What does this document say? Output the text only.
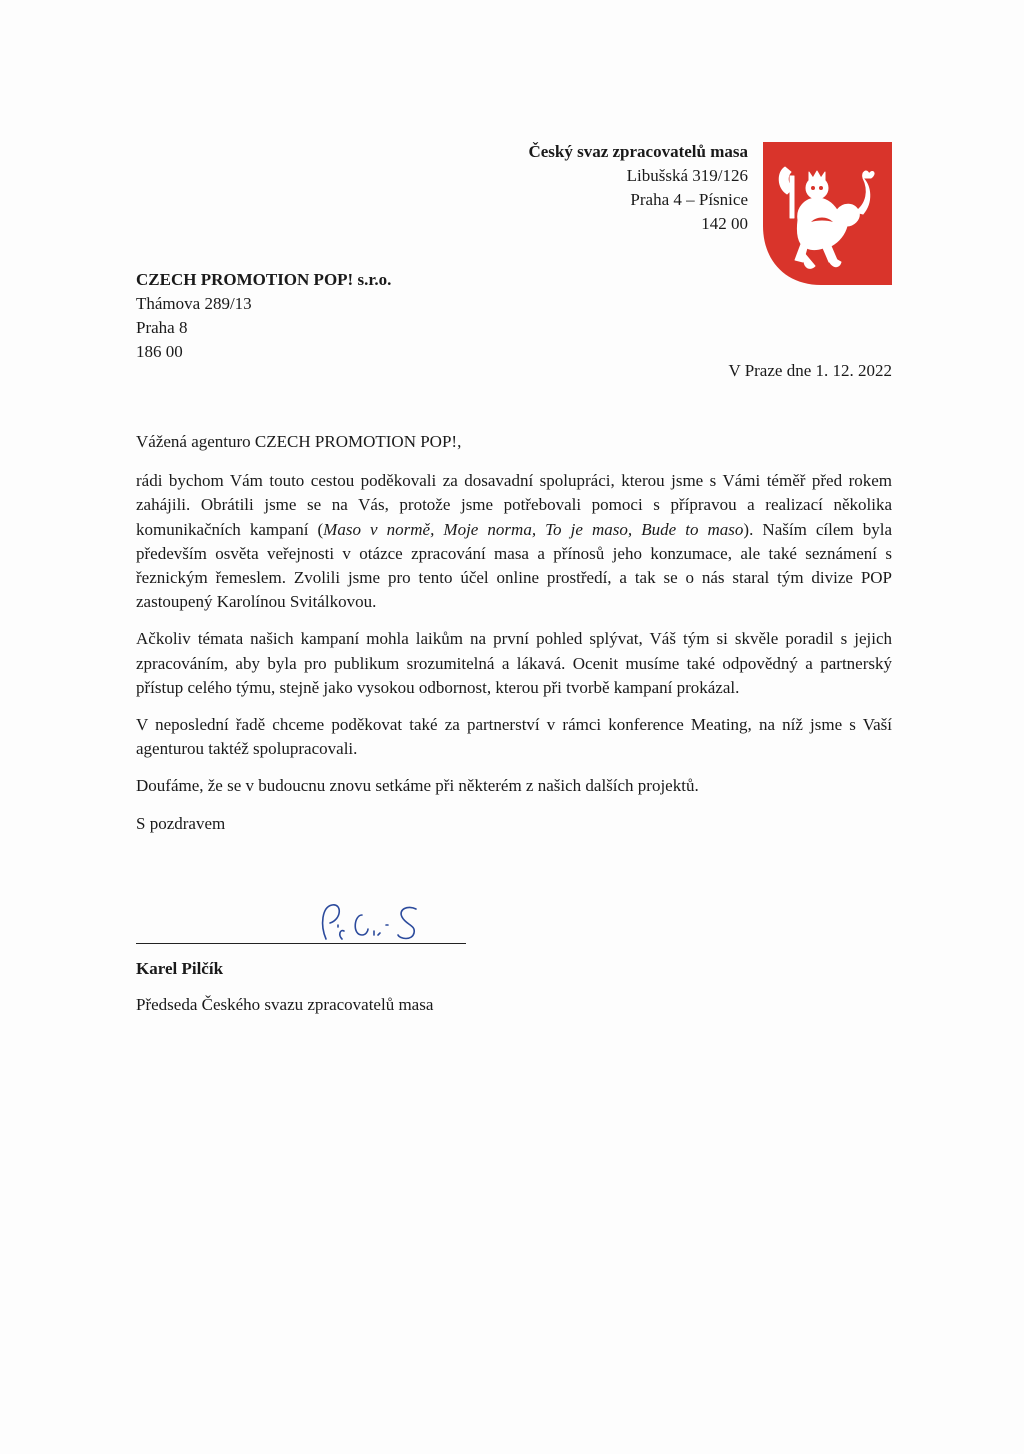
Český svaz zpracovatelů masa
Libušská 319/126
Praha 4 – Písnice
142 00
CZECH PROMOTION POP! s.r.o.
Thámova 289/13
Praha 8
186 00
V Praze dne 1. 12. 2022

Vážená agenturo CZECH PROMOTION POP!,

rádi bychom Vám touto cestou poděkovali za dosavadní spolupráci, kterou jsme s Vámi téměř před rokem zahájili. Obrátili jsme se na Vás, protože jsme potřebovali pomoci s přípravou a realizací několika komunikačních kampaní (Maso v normě, Moje norma, To je maso, Bude to maso). Naším cílem byla především osvěta veřejnosti v otázce zpracování masa a přínosů jeho konzumace, ale také seznámení s řeznickým řemeslem. Zvolili jsme pro tento účel online prostředí, a tak se o nás staral tým divize POP zastoupený Karolínou Svitálkovou.

Ačkoliv témata našich kampaní mohla laikům na první pohled splývat, Váš tým si skvěle poradil s jejich zpracováním, aby byla pro publikum srozumitelná a lákavá. Ocenit musíme také odpovědný a partnerský přístup celého týmu, stejně jako vysokou odbornost, kterou při tvorbě kampaní prokázal.

V neposlední řadě chceme poděkovat také za partnerství v rámci konference Meating, na níž jsme s Vaší agenturou taktéž spolupracovali.

Doufáme, že se v budoucnu znovu setkáme při některém z našich dalších projektů.

S pozdravem

Karel Pilčík
Předseda Českého svazu zpracovatelů masa
